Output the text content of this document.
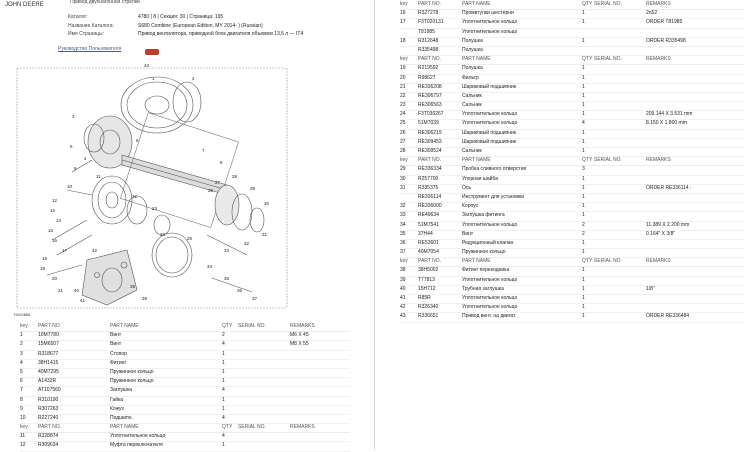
JOHN DEERE	Привод двухнагонной стрелки
Каталог:	4780 | 8 | Секция: 30 | Страница: 195
Название Каталога:	S680 Combine (European Edition, MY 2014- ) (Russian)
Имя Страницы:	Привод вентилятора, приводной блок двигателя объемом 13,5 л — IT4
Руководство Пользователя
43
1	2
3
4
5
6
7
8
9
10
11
12
13
14
15
16
17
18
19
20
21
22
23
24
25
26
27
28
29
30
31
32
33
34
35
36
37
38
39
40
41
42
H102868
key	PART NO.	PART NAME	QTY	SERIAL NO.	REMARKS
1	10M7780	Винт	2	M6 X 45
2	15M6507	Винт	4	M8 X 55
3	R318677	Стопор	1
4	38H1415	Фитинг	1
5	40M7295	Пружинное кольцо	1
6	A1432R	Пружинное кольцо	1
7	AT107560	Заглушка	4
8	R310190	Гайка	1
9	R307263	Кожух	1
10	R227240	Подшипн.	4
key	PART NO.	PART NAME	QTY	SERIAL NO.	REMARKS
11	R328874	Уплотнительное кольцо	4
12	R309634	Муфта переключателя	1
key	PART NO.	PART NAME	QTY SERIAL NO.	REMARKS
16	R327278	Промвтулки шестерни	1	2n52
17	F3T020131	Уплотнительное кольцо	1	ORDER T81985
T81985	Уплотнительное кольцо
18	R312648	Полушка	1	ORDER R335498
R335498	Полушка
key	PART NO.	PART NAME	QTY SERIAL NO.	REMARKS
19	R219592	Полушка	1
20	R98627	Фильтр	1
21	RE336208	Шариковый подшипник	1
22	RE306797	Сальник	1
23	RE306563	Сальник	1
24	F3T030267	Уплотнительное кольцо	1	209.144 X 3.531 mm
25	51M7039	Уплотнительное кольцо	4	8.150 X 1.800 mm
26	RE306219	Шариковый подшипник	1
27	RE309453	Шариковый подшипник	1
28	RE309524	Сальник	1
key	PART NO.	PART NAME	QTY SERIAL NO.	REMARKS
29	RE336334	Пробка сливного отверстия	3
30	R257700	Упорная шайба	1
31	R335375	Ось	1	ORDER RE336114 ;
RE336114	Инструмент для установки	1
32	RE336000	Корпус	1
33	RE49634	Заглушка фитинга	1
34	51M7541	Уплотнительное кольцо	2	11.389 X 2.200 mm
35	37H44	Винт	2	0.164" X 3/8"
36	RE53601	Редукционный клапан	1
37	40M7054	Пружинное кольцо	1
key	PART NO.	PART NAME	QTY SERIAL NO.	REMARKS
38	38H5002	Фитинг переходника	1
39	T77813	Уплотнительное кольцо	1
40	15H712	Трубная заглушка	1	1/8"
41	R85R	Уплотнительное кольцо	1
42	R326340	Уплотнительное кольцо	1
43	R336651	Привод вент. на двигат.	1	ORDER RE336484
